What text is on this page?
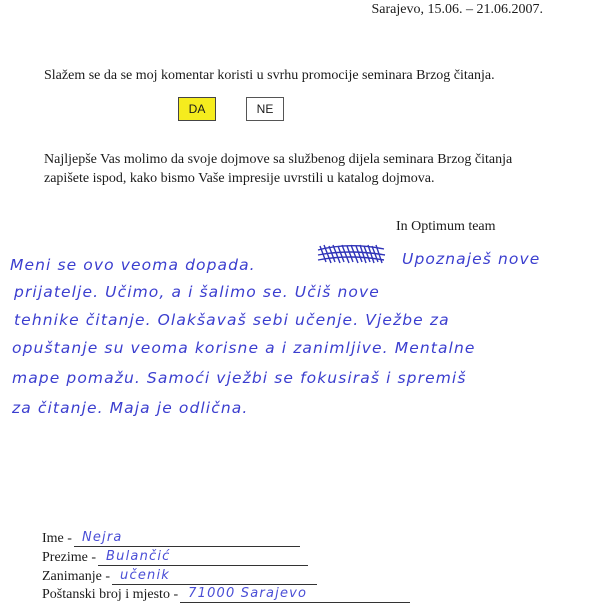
Sarajevo, 15.06. – 21.06.2007.
Slažem se da se moj komentar koristi u svrhu promocije seminara Brzog čitanja.
DA	NE
Najljepše Vas molimo da svoje dojmove sa službenog dijela seminara Brzog čitanja zapišete ispod, kako bismo Vaše impresije uvrstili u katalog dojmova.
In Optimum team
Meni se ovo veoma dopada.	Upoznaješ nove
prijatelje. Učimo, a i šalimo se. Učiš nove
tehnike čitanje. Olakšavaš sebi učenje. Vježbe za
opuštanje su veoma korisne a i zanimljive. Mentalne
mape pomažu. Samoći vježbi se fokusiraš i spremiš
za čitanje. Maja je odlična.
Ime - Nejra
Prezime - Bulančić
Zanimanje - učenik
Poštanski broj i mjesto - 71000 Sarajevo
